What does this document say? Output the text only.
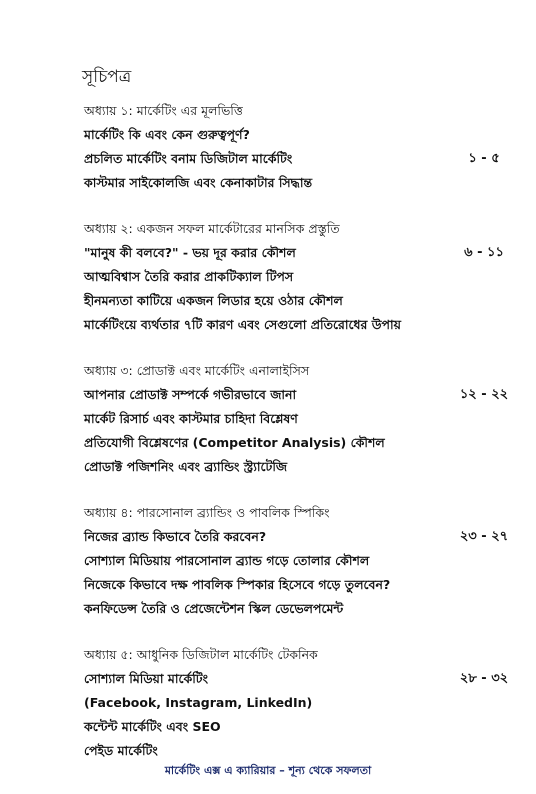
সূচিপত্র
অধ্যায় ১: মার্কেটিং এর মূলভিত্তি
মার্কেটিং কি এবং কেন গুরুত্বপূর্ণ?
প্রচলিত মার্কেটিং বনাম ডিজিটাল মার্কেটিং	১ - ৫
কাস্টমার সাইকোলজি এবং কেনাকাটার সিদ্ধান্ত
অধ্যায় ২: একজন সফল মার্কেটারের মানসিক প্রস্তুতি
"মানুষ কী বলবে?" - ভয় দূর করার কৌশল	৬ - ১১
আত্মবিশ্বাস তৈরি করার প্রাকটিক্যাল টিপস
হীনমন্যতা কাটিয়ে একজন লিডার হয়ে ওঠার কৌশল
মার্কেটিংয়ে ব্যর্থতার ৭টি কারণ এবং সেগুলো প্রতিরোধের উপায়
অধ্যায় ৩: প্রোডাক্ট এবং মার্কেটিং এনালাইসিস
আপনার প্রোডাক্ট সম্পর্কে গভীরভাবে জানা	১২ - ২২
মার্কেট রিসার্চ এবং কাস্টমার চাহিদা বিশ্লেষণ
প্রতিযোগী বিশ্লেষণের (Competitor Analysis) কৌশল
প্রোডাক্ট পজিশনিং এবং ব্র্যান্ডিং স্ট্র্যাটেজি
অধ্যায় ৪: পারসোনাল ব্র্যান্ডিং ও পাবলিক স্পিকিং
নিজের ব্র্যান্ড কিভাবে তৈরি করবেন?	২৩ - ২৭
সোশ্যাল মিডিয়ায় পারসোনাল ব্র্যান্ড গড়ে তোলার কৌশল
নিজেকে কিভাবে দক্ষ পাবলিক স্পিকার হিসেবে গড়ে তুলবেন?
কনফিডেন্স তৈরি ও প্রেজেন্টেশন স্কিল ডেভেলপমেন্ট
অধ্যায় ৫: আধুনিক ডিজিটাল মার্কেটিং টেকনিক
সোশ্যাল মিডিয়া মার্কেটিং	২৮ - ৩২
(Facebook, Instagram, LinkedIn)
কন্টেন্ট মার্কেটিং এবং SEO
পেইড মার্কেটিং
মার্কেটিং এক্স এ ক্যারিয়ার – শূন্য থেকে সফলতা
